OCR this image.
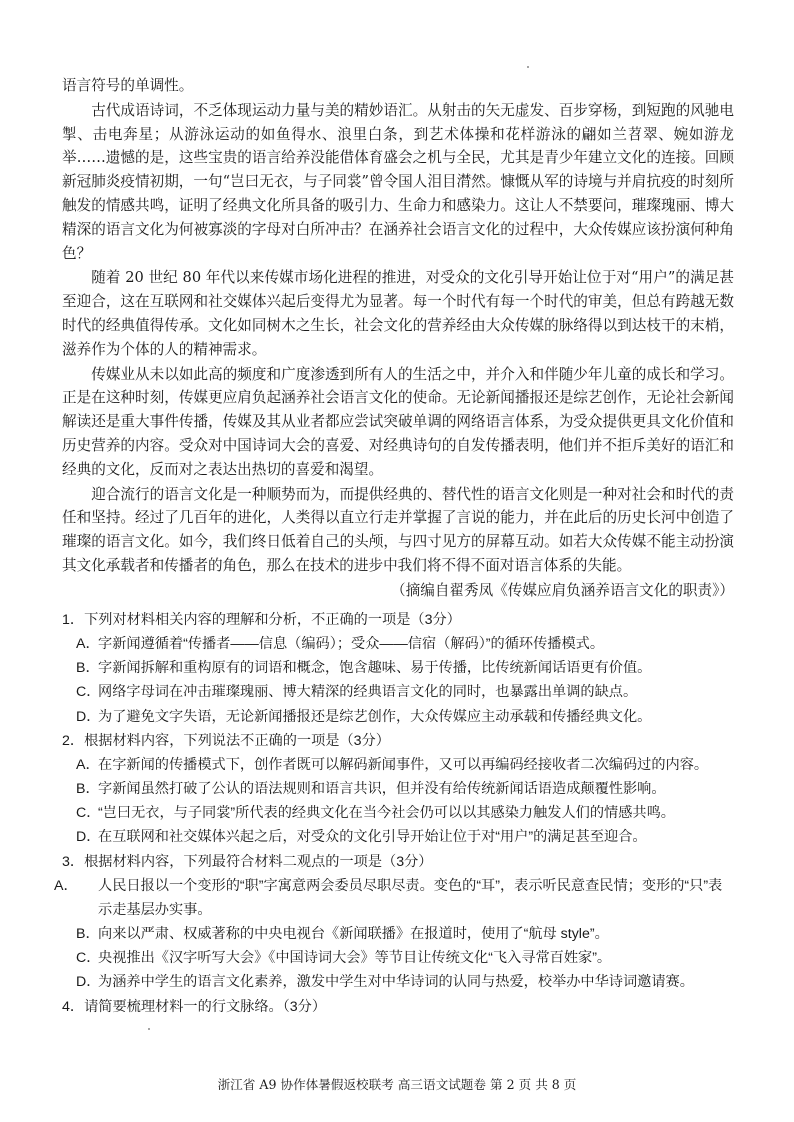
语言符号的单调性。

古代成语诗词，不乏体现运动力量与美的精妙语汇。从射击的矢无虚发、百步穿杨，到短跑的风驰电掣、击电奔星；从游泳运动的如鱼得水、浪里白条，到艺术体操和花样游泳的翩如兰苕翠、婉如游龙举……遗憾的是，这些宝贵的语言给养没能借体育盛会之机与全民，尤其是青少年建立文化的连接。回顾新冠肺炎疫情初期，一句“岂曰无衣，与子同裳”曾令国人泪目潸然。慷慨从军的诗境与并肩抗疫的时刻所触发的情感共鸣，证明了经典文化所具备的吸引力、生命力和感染力。这让人不禁要问，璀璨瑰丽、博大精深的语言文化为何被寡淡的字母对白所冲击？在涵养社会语言文化的过程中，大众传媒应该扮演何种角色？

随着 20 世纪 80 年代以来传媒市场化进程的推进，对受众的文化引导开始让位于对“用户”的满足甚至迎合，这在互联网和社交媒体兴起后变得尤为显著。每一个时代有每一个时代的审美，但总有跨越无数时代的经典值得传承。文化如同树木之生长，社会文化的营养经由大众传媒的脉络得以到达枝干的末梢，滋养作为个体的人的精神需求。

传媒业从未以如此高的频度和广度渗透到所有人的生活之中，并介入和伴随少年儿童的成长和学习。正是在这种时刻，传媒更应肩负起涵养社会语言文化的使命。无论新闻播报还是综艺创作，无论社会新闻解读还是重大事件传播，传媒及其从业者都应尝试突破单调的网络语言体系，为受众提供更具文化价值和历史营养的内容。受众对中国诗词大会的喜爱、对经典诗句的自发传播表明，他们并不拒斥美好的语汇和经典的文化，反而对之表达出热切的喜爱和渴望。

迎合流行的语言文化是一种顺势而为，而提供经典的、替代性的语言文化则是一种对社会和时代的责任和坚持。经过了几百年的进化，人类得以直立行走并掌握了言说的能力，并在此后的历史长河中创造了璀璨的语言文化。如今，我们终日低着自己的头颅，与四寸见方的屏幕互动。如若大众传媒不能主动扮演其文化承载者和传播者的角色，那么在技术的进步中我们将不得不面对语言体系的失能。

（摘编自翟秀凤《传媒应肩负涵养语言文化的职责》）

1．下列对材料相关内容的理解和分析，不正确的一项是（3分）

A．字新闻遵循着“传播者——信息（编码）；受众——信宿（解码）”的循环传播模式。

B．字新闻拆解和重构原有的词语和概念，饱含趣味、易于传播，比传统新闻话语更有价值。

C．网络字母词在冲击璀璨瑰丽、博大精深的经典语言文化的同时，也暴露出单调的缺点。

D．为了避免文字失语，无论新闻播报还是综艺创作，大众传媒应主动承载和传播经典文化。

2．根据材料内容，下列说法不正确的一项是（3分）

A．在字新闻的传播模式下，创作者既可以解码新闻事件，又可以再编码经接收者二次编码过的内容。

B．字新闻虽然打破了公认的语法规则和语言共识，但并没有给传统新闻话语造成颠覆性影响。

C．“岂曰无衣，与子同裳”所代表的经典文化在当今社会仍可以以其感染力触发人们的情感共鸣。

D．在互联网和社交媒体兴起之后，对受众的文化引导开始让位于对“用户”的满足甚至迎合。

3．根据材料内容，下列最符合材料二观点的一项是（3分）

A． 人民日报以一个变形的“职”字寓意两会委员尽职尽责。变色的“耳”，表示听民意查民情；变形的“只”表示走基层办实事。

B．向来以严肃、权威著称的中央电视台《新闻联播》在报道时，使用了“航母 style”。

C．央视推出《汉字听写大会》《中国诗词大会》等节目让传统文化“飞入寻常百姓家”。

D．为涵养中学生的语言文化素养，激发中学生对中华诗词的认同与热爱，校举办中华诗词邀请赛。

4．请简要梳理材料一的行文脉络。（3分）

浙江省 A9 协作体暑假返校联考 高三语文试题卷 第 2 页 共 8 页
